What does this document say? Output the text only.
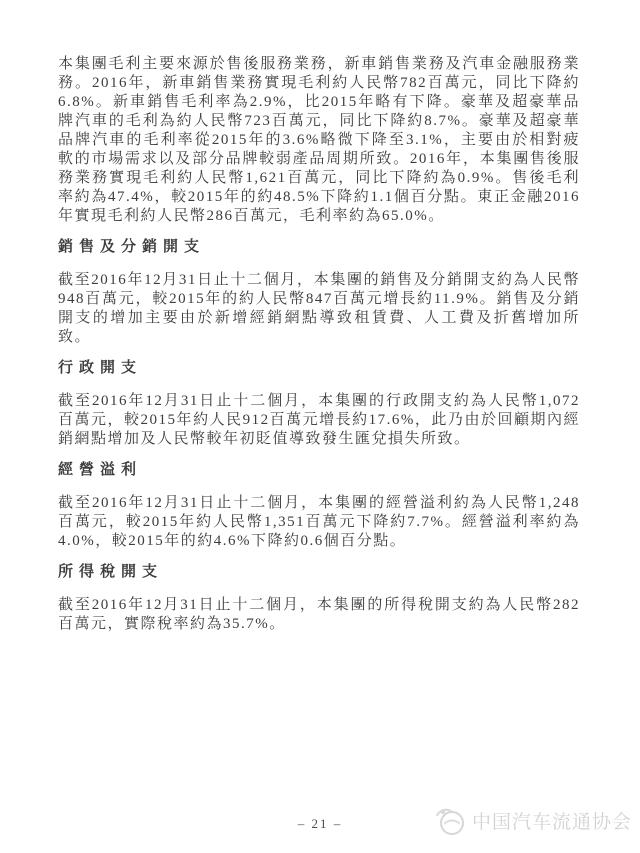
本集團毛利主要來源於售後服務業務，新車銷售業務及汽車金融服務業務。2016年，新車銷售業務實現毛利約人民幣782百萬元，同比下降約6.8%。新車銷售毛利率為2.9%，比2015年略有下降。豪華及超豪華品牌汽車的毛利為約人民幣723百萬元，同比下降約8.7%。豪華及超豪華品牌汽車的毛利率從2015年的3.6%略微下降至3.1%，主要由於相對疲軟的市場需求以及部分品牌較弱產品周期所致。2016年，本集團售後服務業務實現毛利約人民幣1,621百萬元，同比下降約為0.9%。售後毛利率約為47.4%，較2015年的約48.5%下降約1.1個百分點。東正金融2016年實現毛利約人民幣286百萬元，毛利率約為65.0%。

銷售及分銷開支

截至2016年12月31日止十二個月，本集團的銷售及分銷開支約為人民幣948百萬元，較2015年的約人民幣847百萬元增長約11.9%。銷售及分銷開支的增加主要由於新增經銷網點導致租賃費、人工費及折舊增加所致。

行政開支

截至2016年12月31日止十二個月，本集團的行政開支約為人民幣1,072百萬元，較2015年約人民912百萬元增長約17.6%，此乃由於回顧期內經銷網點增加及人民幣較年初貶值導致發生匯兌損失所致。

經營溢利

截至2016年12月31日止十二個月，本集團的經營溢利約為人民幣1,248百萬元，較2015年約人民幣1,351百萬元下降約7.7%。經營溢利率約為4.0%，較2015年的約4.6%下降約0.6個百分點。

所得稅開支

截至2016年12月31日止十二個月，本集團的所得稅開支約為人民幣282百萬元，實際稅率約為35.7%。

– 21 –	中国汽车流通协会
